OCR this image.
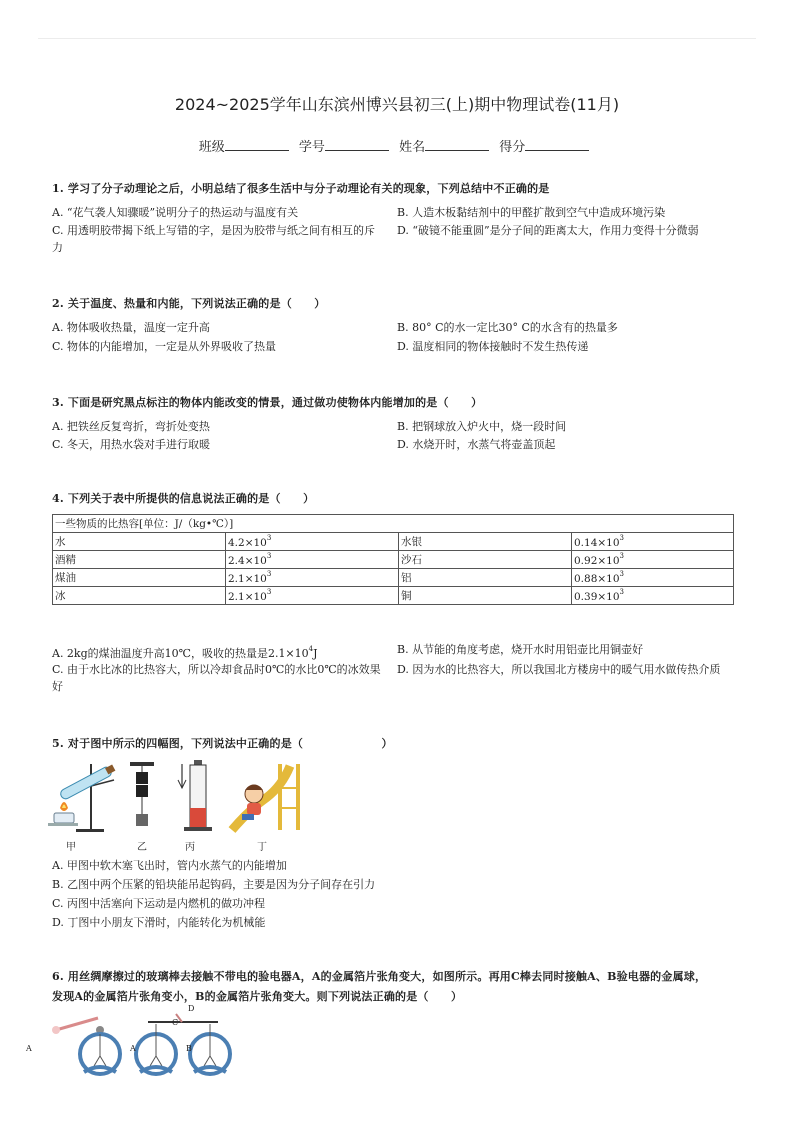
2024~2025学年山东滨州博兴县初三(上)期中物理试卷(11月)
班级	学号	姓名	得分
1. 学习了分子动理论之后，小明总结了很多生活中与分子动理论有关的现象，下列总结中不正确的是
A. “花气袭人知骤暖”说明分子的热运动与温度有关	B. 人造木板黏结剂中的甲醛扩散到空气中造成环境污染
C. 用透明胶带揭下纸上写错的字，是因为胶带与纸之间有相互的斥力
D. “破镜不能重圆”是分子间的距离太大，作用力变得十分微弱
2. 关于温度、热量和内能，下列说法正确的是（　　）
A. 物体吸收热量，温度一定升高	B. 80° C的水一定比30° C的水含有的热量多
C. 物体的内能增加，一定是从外界吸收了热量	D. 温度相同的物体接触时不发生热传递
3. 下面是研究黑点标注的物体内能改变的情景，通过做功使物体内能增加的是（　　）
A. 把铁丝反复弯折，弯折处变热	B. 把钢球放入炉火中，烧一段时间
C. 冬天，用热水袋对手进行取暖	D. 水烧开时，水蒸气将壶盖顶起
4. 下列关于表中所提供的信息说法正确的是（　　）
一些物质的比热容[单位：J/（kg•℃）]			
水	$4.2\times 10^3$	水银	$0.14\times 10^3$
酒精	$2.4\times 10^3$	沙石	$0.92\times 10^3$
煤油	$2.1\times 10^3$	铝	$0.88\times 10^3$
冰	$2.1\times 10^3$	铜	$0.39\times 10^3$
A. 2kg的煤油温度升高10℃，吸收的热量是$2.1\times 10^4J$	B. 从节能的角度考虑，烧开水时用铝壶比用铜壶好
C. 由于水比冰的比热容大，所以冷却食品时0℃的水比0℃的冰效果好
D. 因为水的比热容大，所以我国北方楼房中的暖气用水做传热介质
5. 对于图中所示的四幅图，下列说法中正确的是（　　　　　　　）
甲	乙	丙	丁
A. 甲图中软木塞飞出时，管内水蒸气的内能增加
B. 乙图中两个压紧的铅块能吊起钩码，主要是因为分子间存在引力
C. 丙图中活塞向下运动是内燃机的做功冲程
D. 丁图中小朋友下滑时，内能转化为机械能
6. 用丝绸摩擦过的玻璃棒去接触不带电的验电器A，A的金属箔片张角变大，如图所示。再用C棒去同时接触A、B验电器的金属球，
发现A的金属箔片张角变小，B的金属箔片张角变大。则下列说法正确的是（　　）
A	A	B
C
D
